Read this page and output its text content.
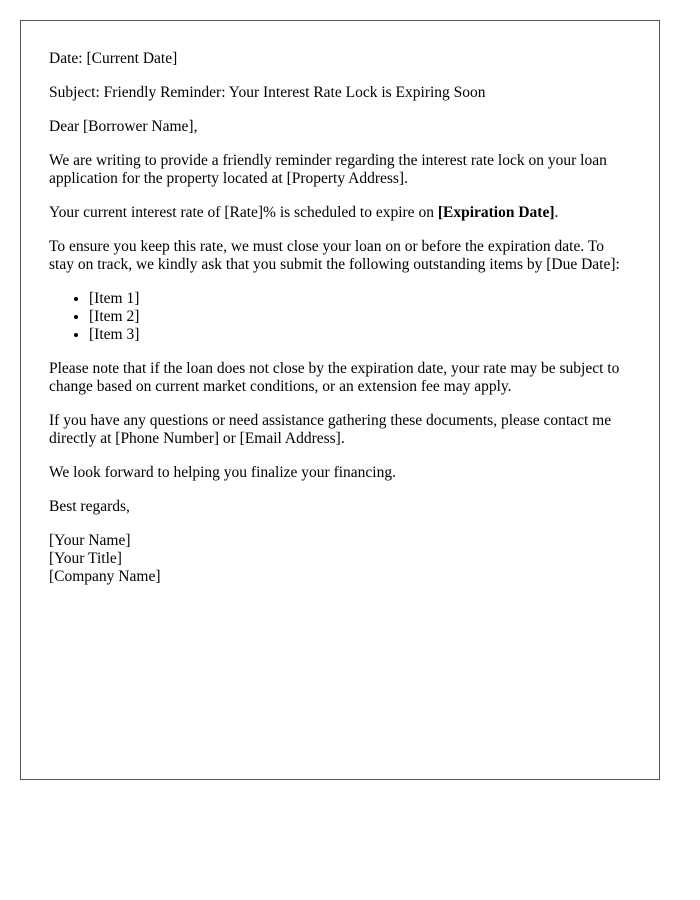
Date: [Current Date]

Subject: Friendly Reminder: Your Interest Rate Lock is Expiring Soon

Dear [Borrower Name],

We are writing to provide a friendly reminder regarding the interest rate lock on your loan application for the property located at [Property Address].

Your current interest rate of [Rate]% is scheduled to expire on [Expiration Date].

To ensure you keep this rate, we must close your loan on or before the expiration date. To stay on track, we kindly ask that you submit the following outstanding items by [Due Date]:

• [Item 1]
• [Item 2]
• [Item 3]

Please note that if the loan does not close by the expiration date, your rate may be subject to change based on current market conditions, or an extension fee may apply.

If you have any questions or need assistance gathering these documents, please contact me directly at [Phone Number] or [Email Address].

We look forward to helping you finalize your financing.

Best regards,

[Your Name]
[Your Title]
[Company Name]
